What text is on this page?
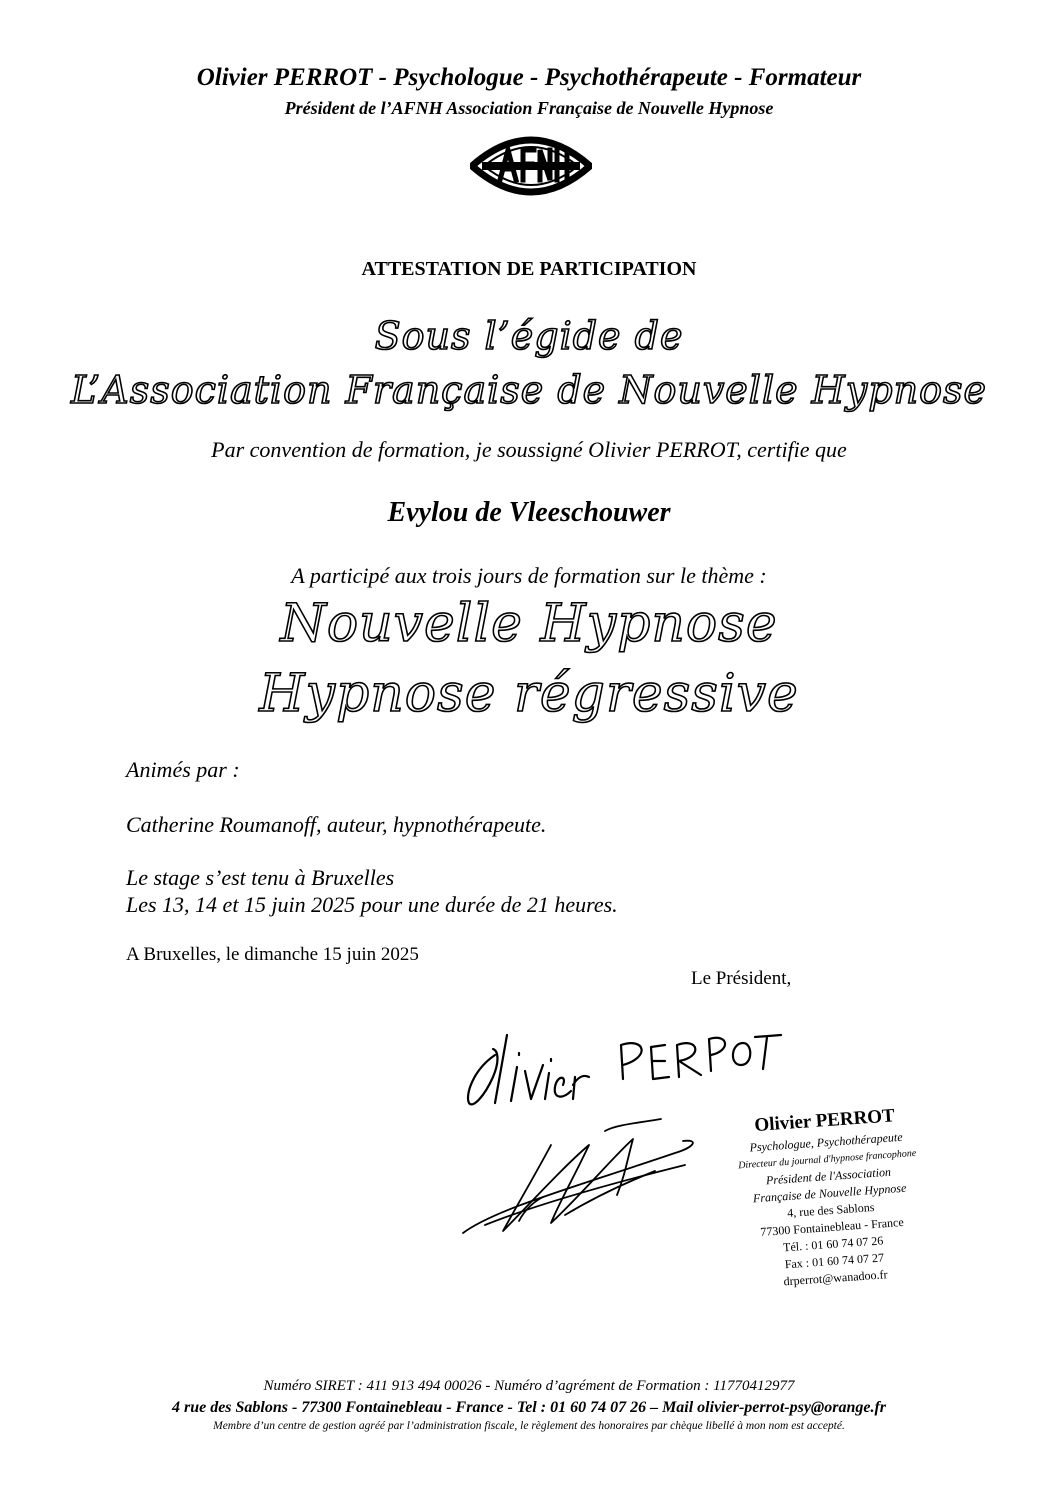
Olivier PERROT - Psychologue - Psychothérapeute - Formateur
Président de l’AFNH Association Française de Nouvelle Hypnose
ATTESTATION DE PARTICIPATION
Sous l’égide de
L’Association Française de Nouvelle Hypnose
Par convention de formation, je soussigné Olivier PERROT, certifie que
Evylou de Vleeschouwer
A participé aux trois jours de formation sur le thème :
Nouvelle Hypnose
Hypnose régressive
Animés par :
Catherine Roumanoff, auteur, hypnothérapeute.
Le stage s’est tenu à Bruxelles
Les 13, 14 et 15 juin 2025 pour une durée de 21 heures.
A Bruxelles, le dimanche 15 juin 2025
Le Président,
Olivier PERROT
Psychologue, Psychothérapeute
Directeur du journal d'hypnose francophone
Président de l'Association
Française de Nouvelle Hypnose
4, rue des Sablons
77300 Fontainebleau - France
Tél. : 01 60 74 07 26
Fax : 01 60 74 07 27
drperrot@wanadoo.fr
Numéro SIRET : 411 913 494 00026 - Numéro d’agrément de Formation : 11770412977
4 rue des Sablons - 77300 Fontainebleau - France - Tel : 01 60 74 07 26 – Mail olivier-perrot-psy@orange.fr
Membre d’un centre de gestion agréé par l’administration fiscale, le règlement des honoraires par chèque libellé à mon nom est accepté.
